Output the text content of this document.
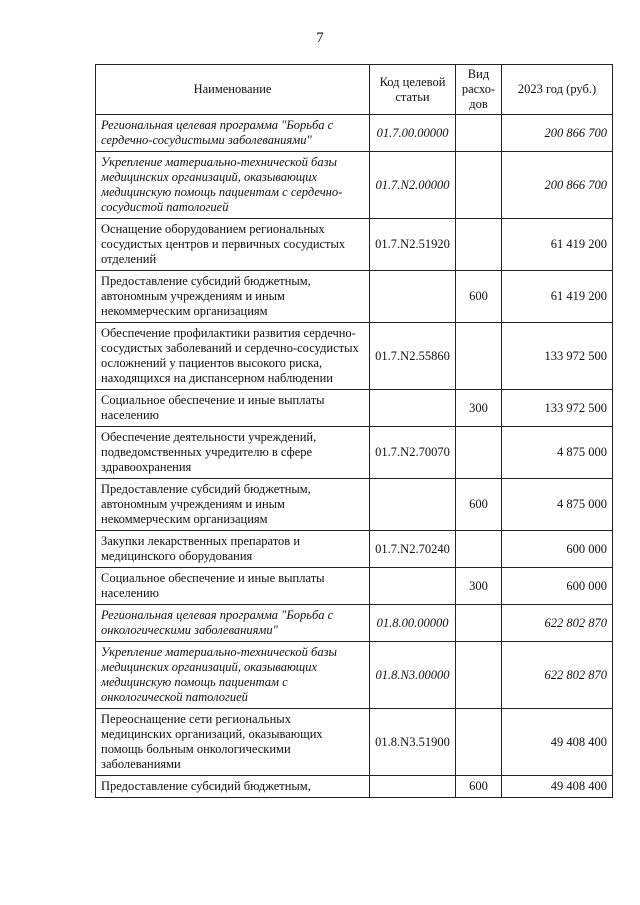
7
Наименование	Код целевой статьи	Вид расхо-дов	2023 год (руб.)
Региональная целевая программа "Борьба с сердечно-сосудистыми заболеваниями"	01.7.00.00000		200 866 700
Укрепление материально-технической базы медицинских организаций, оказывающих медицинскую помощь пациентам с сердечно-сосудистой патологией	01.7.N2.00000		200 866 700
Оснащение оборудованием региональных сосудистых центров и первичных сосудистых отделений	01.7.N2.51920		61 419 200
Предоставление субсидий бюджетным, автономным учреждениям и иным некоммерческим организациям		600	61 419 200
Обеспечение профилактики развития сердечно-сосудистых заболеваний и сердечно-сосудистых осложнений у пациентов высокого риска, находящихся на диспансерном наблюдении	01.7.N2.55860		133 972 500
Социальное обеспечение и иные выплаты населению		300	133 972 500
Обеспечение деятельности учреждений, подведомственных учредителю в сфере здравоохранения	01.7.N2.70070		4 875 000
Предоставление субсидий бюджетным, автономным учреждениям и иным некоммерческим организациям		600	4 875 000
Закупки лекарственных препаратов и медицинского оборудования	01.7.N2.70240		600 000
Социальное обеспечение и иные выплаты населению		300	600 000
Региональная целевая программа "Борьба с онкологическими заболеваниями"	01.8.00.00000		622 802 870
Укрепление материально-технической базы медицинских организаций, оказывающих медицинскую помощь пациентам с онкологической патологией	01.8.N3.00000		622 802 870
Переоснащение сети региональных медицинских организаций, оказывающих помощь больным онкологическими заболеваниями	01.8.N3.51900		49 408 400
Предоставление субсидий бюджетным,		600	49 408 400
